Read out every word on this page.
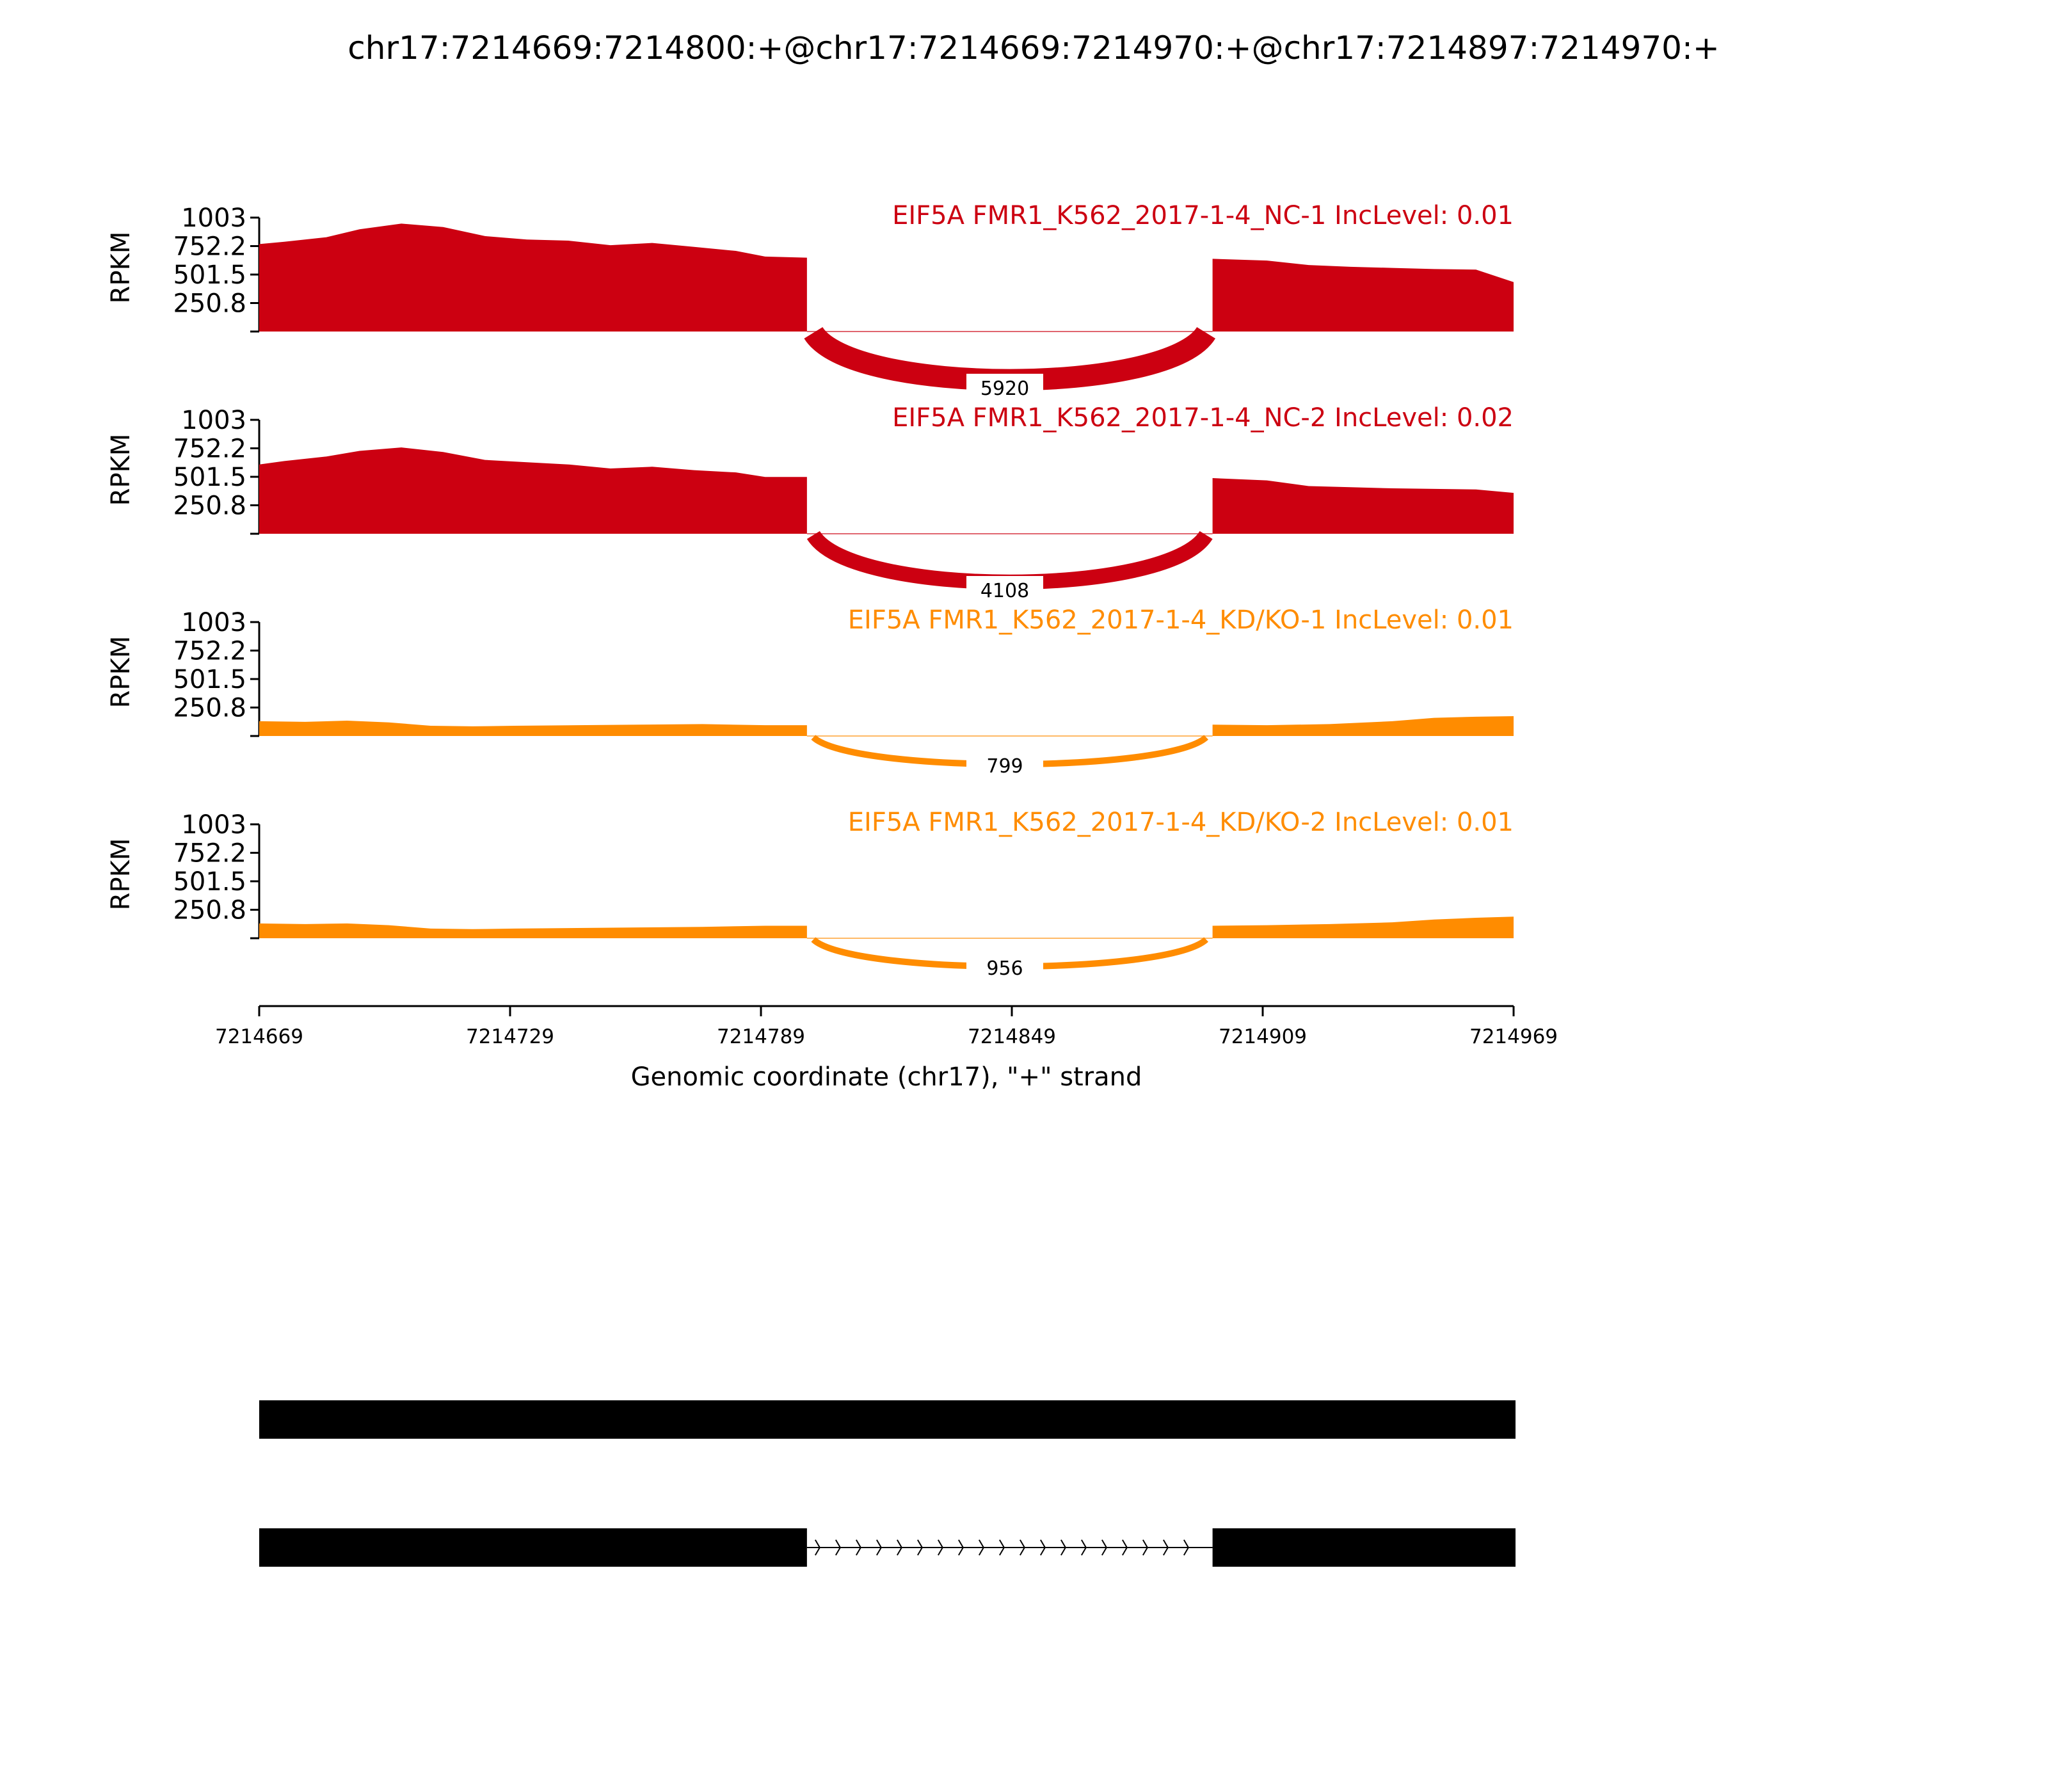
chr17:7214669:7214800:+@chr17:7214669:7214970:+@chr17:7214897:7214970:+
1003
752.2
501.5
250.8
RPKM
EIF5A FMR1_K562_2017-1-4_NC-1 IncLevel: 0.01
5920
1003
752.2
501.5
250.8
RPKM
EIF5A FMR1_K562_2017-1-4_NC-2 IncLevel: 0.02
4108
1003
752.2
501.5
250.8
RPKM
EIF5A FMR1_K562_2017-1-4_KD/KO-1 IncLevel: 0.01
799
1003
752.2
501.5
250.8
RPKM
EIF5A FMR1_K562_2017-1-4_KD/KO-2 IncLevel: 0.01
956
7214669	7214729	7214789	7214849	7214909	7214969
Genomic coordinate (chr17), "+" strand
